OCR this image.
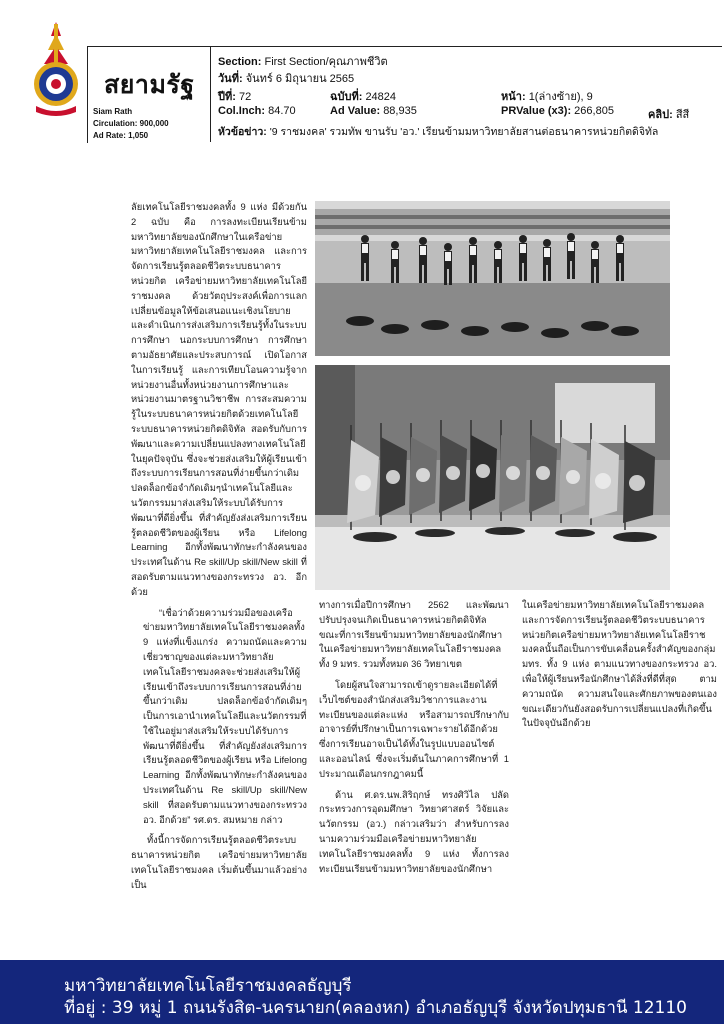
สยามรัฐ
Siam Rath
Circulation: 900,000
Ad Rate: 1,050
Section: First Section/คุณภาพชีวิต
วันที่: จันทร์ 6 มิถุนายน 2565
ปีที่: 72	ฉบับที่: 24824	หน้า: 1(ล่างซ้าย), 9
Col.Inch: 84.70	Ad Value: 88,935	PRValue (x3): 266,805	คลิป: สีสี
หัวข้อข่าว: '9 ราชมงคล' รวมทัพ ขานรับ 'อว.' เรียนข้ามมหาวิทยาลัยสานต่อธนาคารหน่วยกิตดิจิทัล

ลัยเทคโนโลยีราชมงคลทั้ง 9 แห่ง มีด้วยกัน 2 ฉบับ คือ การลงทะเบียนเรียนข้ามมหาวิทยาลัยของนักศึกษาในเครือข่ายมหาวิทยาลัยเทคโนโลยีราชมงคล และการจัดการเรียนรู้ตลอดชีวิตระบบธนาคารหน่วยกิต เครือข่ายมหาวิทยาลัยเทคโนโลยีราชมงคล ด้วยวัตถุประสงค์เพื่อการแลกเปลี่ยนข้อมูลให้ข้อเสนอแนะเชิงนโยบาย และดำเนินการส่งเสริมการเรียนรู้ทั้งในระบบการศึกษา นอกระบบการศึกษา การศึกษาตามอัธยาศัยและประสบการณ์ เปิดโอกาสในการเรียนรู้ และการเทียบโอนความรู้จากหน่วยงานอื่นทั้งหน่วยงานการศึกษาและหน่วยงานมาตรฐานวิชาชีพ การสะสมความรู้ในระบบธนาคารหน่วยกิตด้วยเทคโนโลยีระบบธนาคารหน่วยกิตดิจิทัล สอดรับกับการพัฒนาและความเปลี่ยนแปลงทางเทคโนโลยีในยุคปัจจุบัน ซึ่งจะช่วยส่งเสริมให้ผู้เรียนเข้าถึงระบบการเรียนการสอนที่ง่ายขึ้นกว่าเดิม ปลดล็อกข้อจำกัดเดิมๆนำเทคโนโลยีและนวัตกรรมมาส่งเสริมให้ระบบได้รับการพัฒนาที่ดียิ่งขึ้น ที่สำคัญยังส่งเสริมการเรียนรู้ตลอดชีวิตของผู้เรียน หรือ Lifelong Learning อีกทั้งพัฒนาทักษะกำลังคนของประเทศในด้าน Re skill/Up skill/New skill ที่สอดรับตามแนวทางของกระทรวง อว. อีกด้วย

“เชื่อว่าด้วยความร่วมมือของเครือข่ายมหาวิทยาลัยเทคโนโลยีราชมงคลทั้ง 9 แห่งที่แข็งแกร่ง ความถนัดและความเชี่ยวชาญของแต่ละมหาวิทยาลัยเทคโนโลยีราชมงคลจะช่วยส่งเสริมให้ผู้เรียนเข้าถึงระบบการเรียนการสอนที่ง่ายขึ้นกว่าเดิม ปลดล็อกข้อจำกัดเดิมๆเป็นการเอานำเทคโนโลยีและนวัตกรรมที่ใช้ในอยู่มาส่งเสริมให้ระบบได้รับการพัฒนาที่ดียิ่งขึ้น ที่สำคัญยังส่งเสริมการเรียนรู้ตลอดชีวิตของผู้เรียน หรือ Lifelong Learning อีกทั้งพัฒนาทักษะกำลังคนของประเทศในด้าน Re skill/Up skill/New skill ที่สอดรับตามแนวทางของกระทรวง อว. อีกด้วย” รศ.ดร. สมหมาย กล่าว

ทั้งนี้การจัดการเรียนรู้ตลอดชีวิตระบบธนาคารหน่วยกิต เครือข่ายมหาวิทยาลัยเทคโนโลยีราชมงคล เริ่มต้นขึ้นมาแล้วอย่างเป็น

ทางการเมื่อปีการศึกษา 2562 และพัฒนาปรับปรุงจนเกิดเป็นธนาคารหน่วยกิตดิจิทัล ขณะที่การเรียนข้ามมหาวิทยาลัยของนักศึกษาในเครือข่ายมหาวิทยาลัยเทคโนโลยีราชมงคลทั้ง 9 มทร. รวมทั้งหมด 36 วิทยาเขต

โดยผู้สนใจสามารถเข้าดูรายละเอียดได้ที่เว็บไซต์ของสำนักส่งเสริมวิชาการและงานทะเบียนของแต่ละแห่ง หรือสามารถปรึกษากับอาจารย์ที่ปรึกษาเป็นการเฉพาะรายได้อีกด้วย ซึ่งการเรียนอาจเป็นได้ทั้งในรูปแบบออนไซต์และออนไลน์ ซึ่งจะเริ่มต้นในภาคการศึกษาที่ 1 ประมาณเดือนกรกฎาคมนี้

ด้าน ศ.ดร.นพ.สิริฤกษ์ ทรงศิวิไล ปลัดกระทรวงการอุดมศึกษา วิทยาศาสตร์ วิจัยและนวัตกรรม (อว.) กล่าวเสริมว่า สำหรับการลงนามความร่วมมือเครือข่ายมหาวิทยาลัยเทคโนโลยีราชมงคลทั้ง 9 แห่ง ทั้งการลงทะเบียนเรียนข้ามมหาวิทยาลัยของนักศึกษา

ในเครือข่ายมหาวิทยาลัยเทคโนโลยีราชมงคลและการจัดการเรียนรู้ตลอดชีวิตระบบธนาคารหน่วยกิตเครือข่ายมหาวิทยาลัยเทคโนโลยีราชมงคลนั้นถือเป็นการขับเคลื่อนครั้งสำคัญของกลุ่ม มทร. ทั้ง 9 แห่ง ตามแนวทางของกระทรวง อว. เพื่อให้ผู้เรียนหรือนักศึกษาได้สิ่งที่ดีที่สุด ตามความถนัด ความสนใจและศักยภาพของตนเอง ขณะเดียวกันยังสอดรับการเปลี่ยนแปลงที่เกิดขึ้นในปัจจุบันอีกด้วย

มหาวิทยาลัยเทคโนโลยีราชมงคลธัญบุรี
ที่อยู่ : 39 หมู่ 1 ถนนรังสิต-นครนายก(คลองหก) อำเภอธัญบุรี จังหวัดปทุมธานี 12110
